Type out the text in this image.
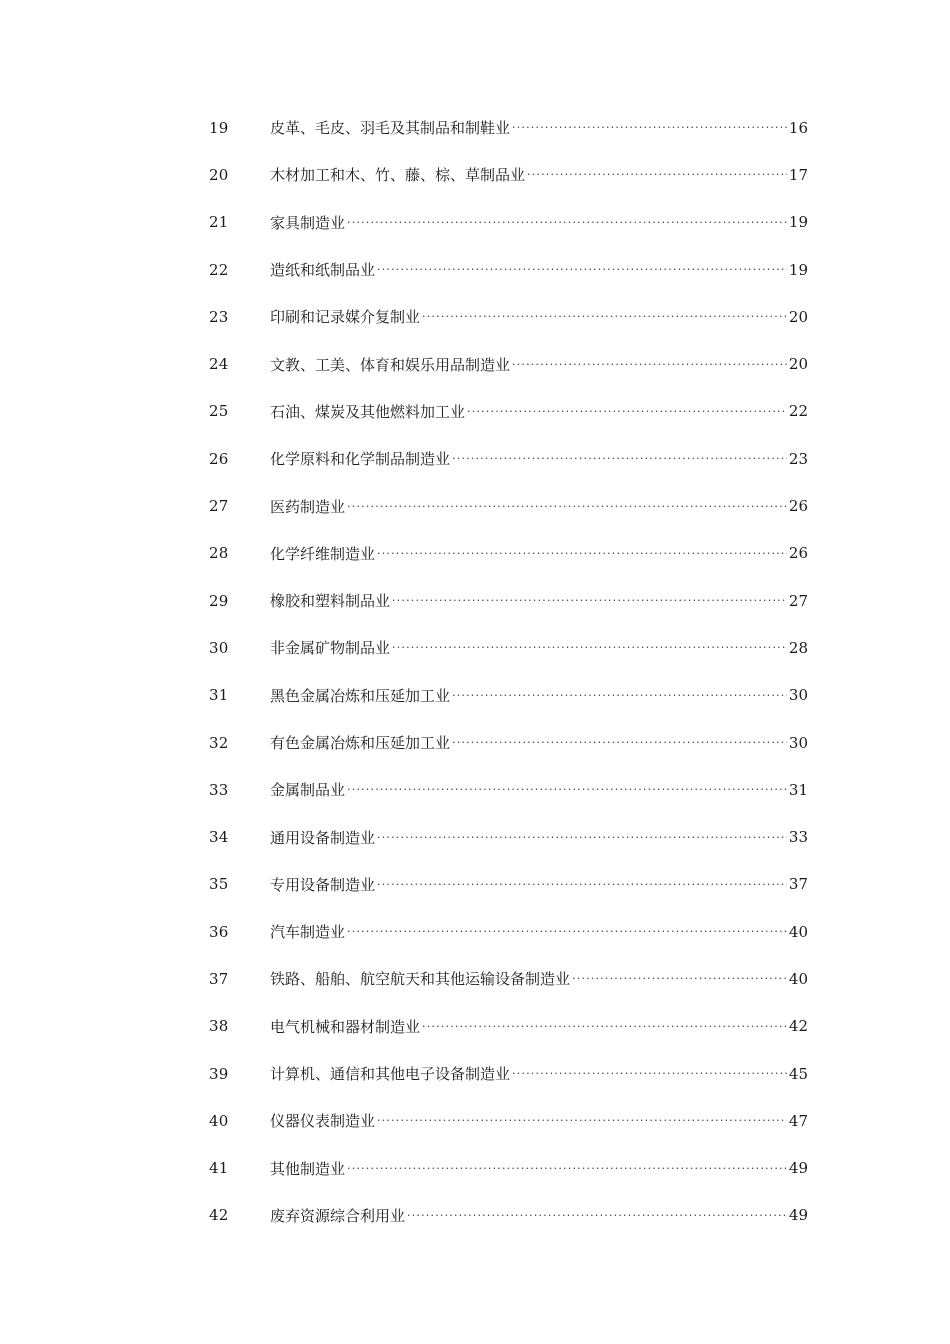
19	皮革、毛皮、羽毛及其制品和制鞋业 ·····	16
20	木材加工和木、竹、藤、棕、草制品业 ·····	17
21	家具制造业 ·····	19
22	造纸和纸制品业 ·····	19
23	印刷和记录媒介复制业 ·····	20
24	文教、工美、体育和娱乐用品制造业 ·····	20
25	石油、煤炭及其他燃料加工业 ·····	22
26	化学原料和化学制品制造业 ·····	23
27	医药制造业 ·····	26
28	化学纤维制造业 ·····	26
29	橡胶和塑料制品业 ·····	27
30	非金属矿物制品业 ·····	28
31	黑色金属冶炼和压延加工业 ·····	30
32	有色金属冶炼和压延加工业 ·····	30
33	金属制品业 ·····	31
34	通用设备制造业 ·····	33
35	专用设备制造业 ·····	37
36	汽车制造业 ·····	40
37	铁路、船舶、航空航天和其他运输设备制造业 ·····	40
38	电气机械和器材制造业 ·····	42
39	计算机、通信和其他电子设备制造业 ·····	45
40	仪器仪表制造业 ·····	47
41	其他制造业 ·····	49
42	废弃资源综合利用业 ·····	49
